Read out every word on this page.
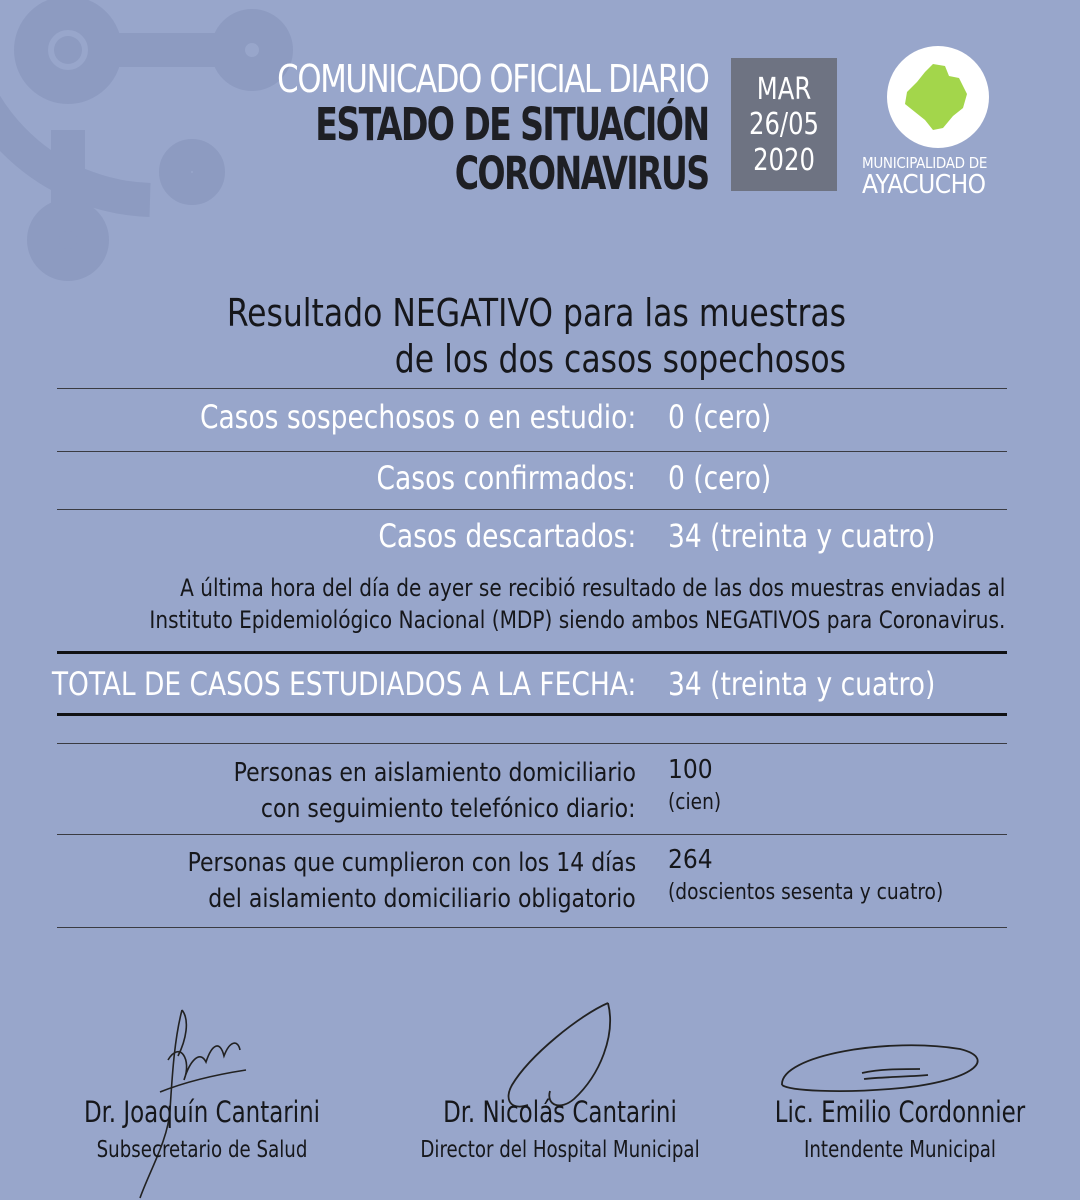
COMUNICADO OFICIAL DIARIO
ESTADO DE SITUACIÓN
CORONAVIRUS
MAR
26/05
2020	MUNICIPALIDAD DE
AYACUCHO
Resultado NEGATIVO para las muestras
de los dos casos sopechosos
Casos sospechosos o en estudio: 0 (cero)
Casos confirmados: 0 (cero)
Casos descartados: 34 (treinta y cuatro)
A última hora del día de ayer se recibió resultado de las dos muestras enviadas al
Instituto Epidemiológico Nacional (MDP) siendo ambos NEGATIVOS para Coronavirus.
TOTAL DE CASOS ESTUDIADOS A LA FECHA: 34 (treinta y cuatro)
Personas en aislamiento domiciliario
con seguimiento telefónico diario:
100
(cien)
Personas que cumplieron con los 14 días
del aislamiento domiciliario obligatorio
264
(doscientos sesenta y cuatro)
Dr. Joaquín Cantarini
Subsecretario de Salud
Dr. Nicolás Cantarini
Director del Hospital Municipal
Lic. Emilio Cordonnier
Intendente Municipal
